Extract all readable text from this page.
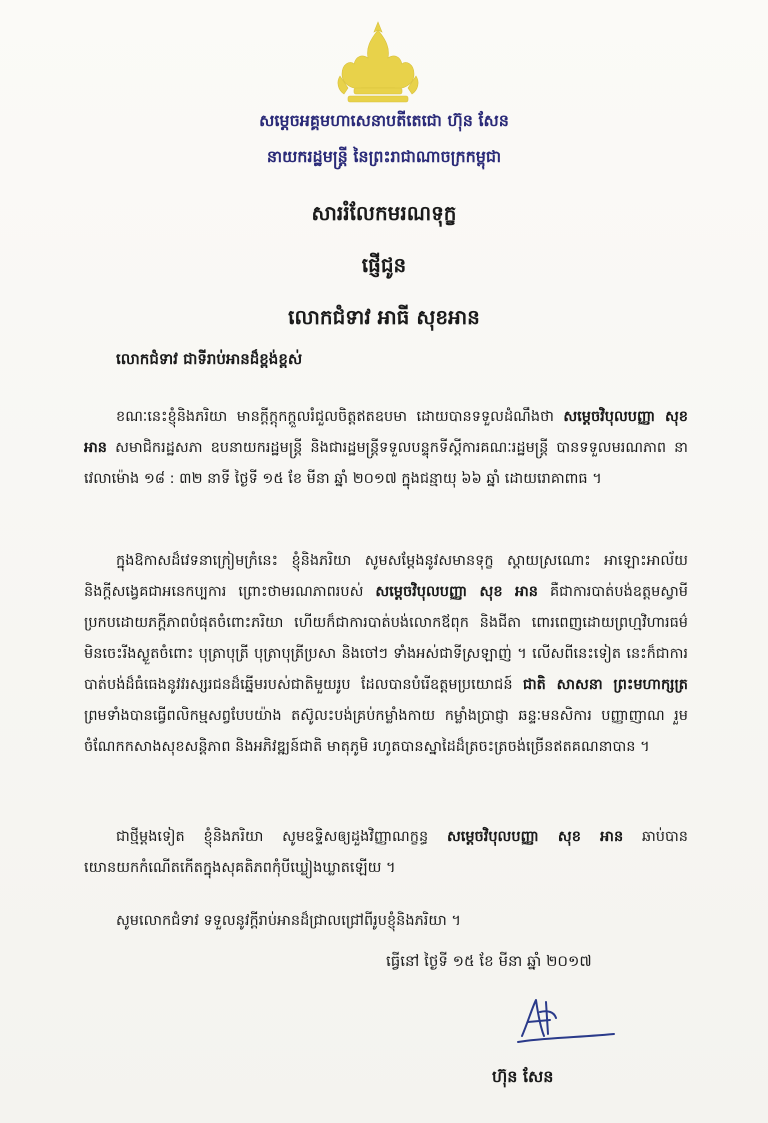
សម្តេចអគ្គមហាសេនាបតីតេជោ ហ៊ុន សែន
នាយករដ្ឋមន្ត្រី នៃព្រះរាជាណាចក្រកម្ពុជា
សាររំលែកមរណទុក្ខ
ផ្ញើជូន
លោកជំទាវ អាធី សុខអាន
លោកជំទាវ ជាទីរាប់អានដ៏ខ្ពង់ខ្ពស់
ខណៈនេះខ្ញុំនិងភរិយា មានក្តីក្តុកក្តួលរំជួលចិត្តឥតឧបមា ដោយបានទទួលដំណឹងថា សម្តេចវិបុលបញ្ញា សុខ អាន សមាជិករដ្ឋសភា ឧបនាយករដ្ឋមន្ត្រី និងជារដ្ឋមន្ត្រីទទួលបន្ទុកទីស្តីការគណៈរដ្ឋមន្ត្រី បានទទួលមរណភាព នាវេលាម៉ោង ១៨ : ៣២ នាទី ថ្ងៃទី ១៥ ខែ មីនា ឆ្នាំ ២០១៧ ក្នុងជន្មាយុ ៦៦ ឆ្នាំ ដោយរោគាពាធ ។
ក្នុងឱកាសដ៏វេទនាក្រៀមក្រំនេះ ខ្ញុំនិងភរិយា សូមសម្តែងនូវសមានទុក្ខ ស្តាយស្រណោះ អាឡោះអាល័យ និងក្តីសង្វេគជាអនេកប្បការ ព្រោះថាមរណភាពរបស់ សម្តេចវិបុលបញ្ញា សុខ អាន គឺជាការបាត់បង់ឧត្តមស្វាមីប្រកបដោយភក្តីភាពបំផុតចំពោះភរិយា ហើយក៏ជាការបាត់បង់លោកឪពុក និងជីតា ពោរពេញដោយព្រហ្មវិហារធម៌មិនចេះរីងស្ងួតចំពោះ បុត្រាបុត្រី បុត្រាបុត្រីប្រសា និងចៅៗ ទាំងអស់ជាទីស្រឡាញ់ ។ លើសពីនេះទៀត នេះក៏ជាការបាត់បង់ដ៏ធំធេងនូវវរស្សរជនដ៏ឆ្នើមរបស់ជាតិមួយរូប ដែលបានបំរើឧត្តមប្រយោជន៍ ជាតិ សាសនា ព្រះមហាក្សត្រ ព្រមទាំងបានធ្វើពលិកម្មសព្វបែបយ៉ាង តស៊ូលះបង់គ្រប់កម្លាំងកាយ កម្លាំងប្រាជ្ញា ឆន្ទៈមនសិការ បញ្ញាញាណ រួមចំណែកកសាងសុខសន្តិភាព និងអភិវឌ្ឍន៍ជាតិ មាតុភូមិ រហូតបានស្នាដៃដ៏ត្រចះត្រចង់ច្រើនឥតគណនាបាន ។
ជាថ្មីម្តងទៀត ខ្ញុំនិងភរិយា សូមឧទ្ទិសឲ្យដួងវិញ្ញាណក្ខន្ធ សម្តេចវិបុលបញ្ញា សុខ អាន ឆាប់បានយោនយកកំណើតកើតក្នុងសុគតិភពកុំបីឃ្លៀងឃ្លាតឡើយ ។
សូមលោកជំទាវ ទទួលនូវក្តីរាប់អានដ៏ជ្រាលជ្រៅពីរូបខ្ញុំនិងភរិយា ។
ធ្វើនៅ ថ្ងៃទី ១៥ ខែ មីនា ឆ្នាំ ២០១៧
ហ៊ុន សែន
